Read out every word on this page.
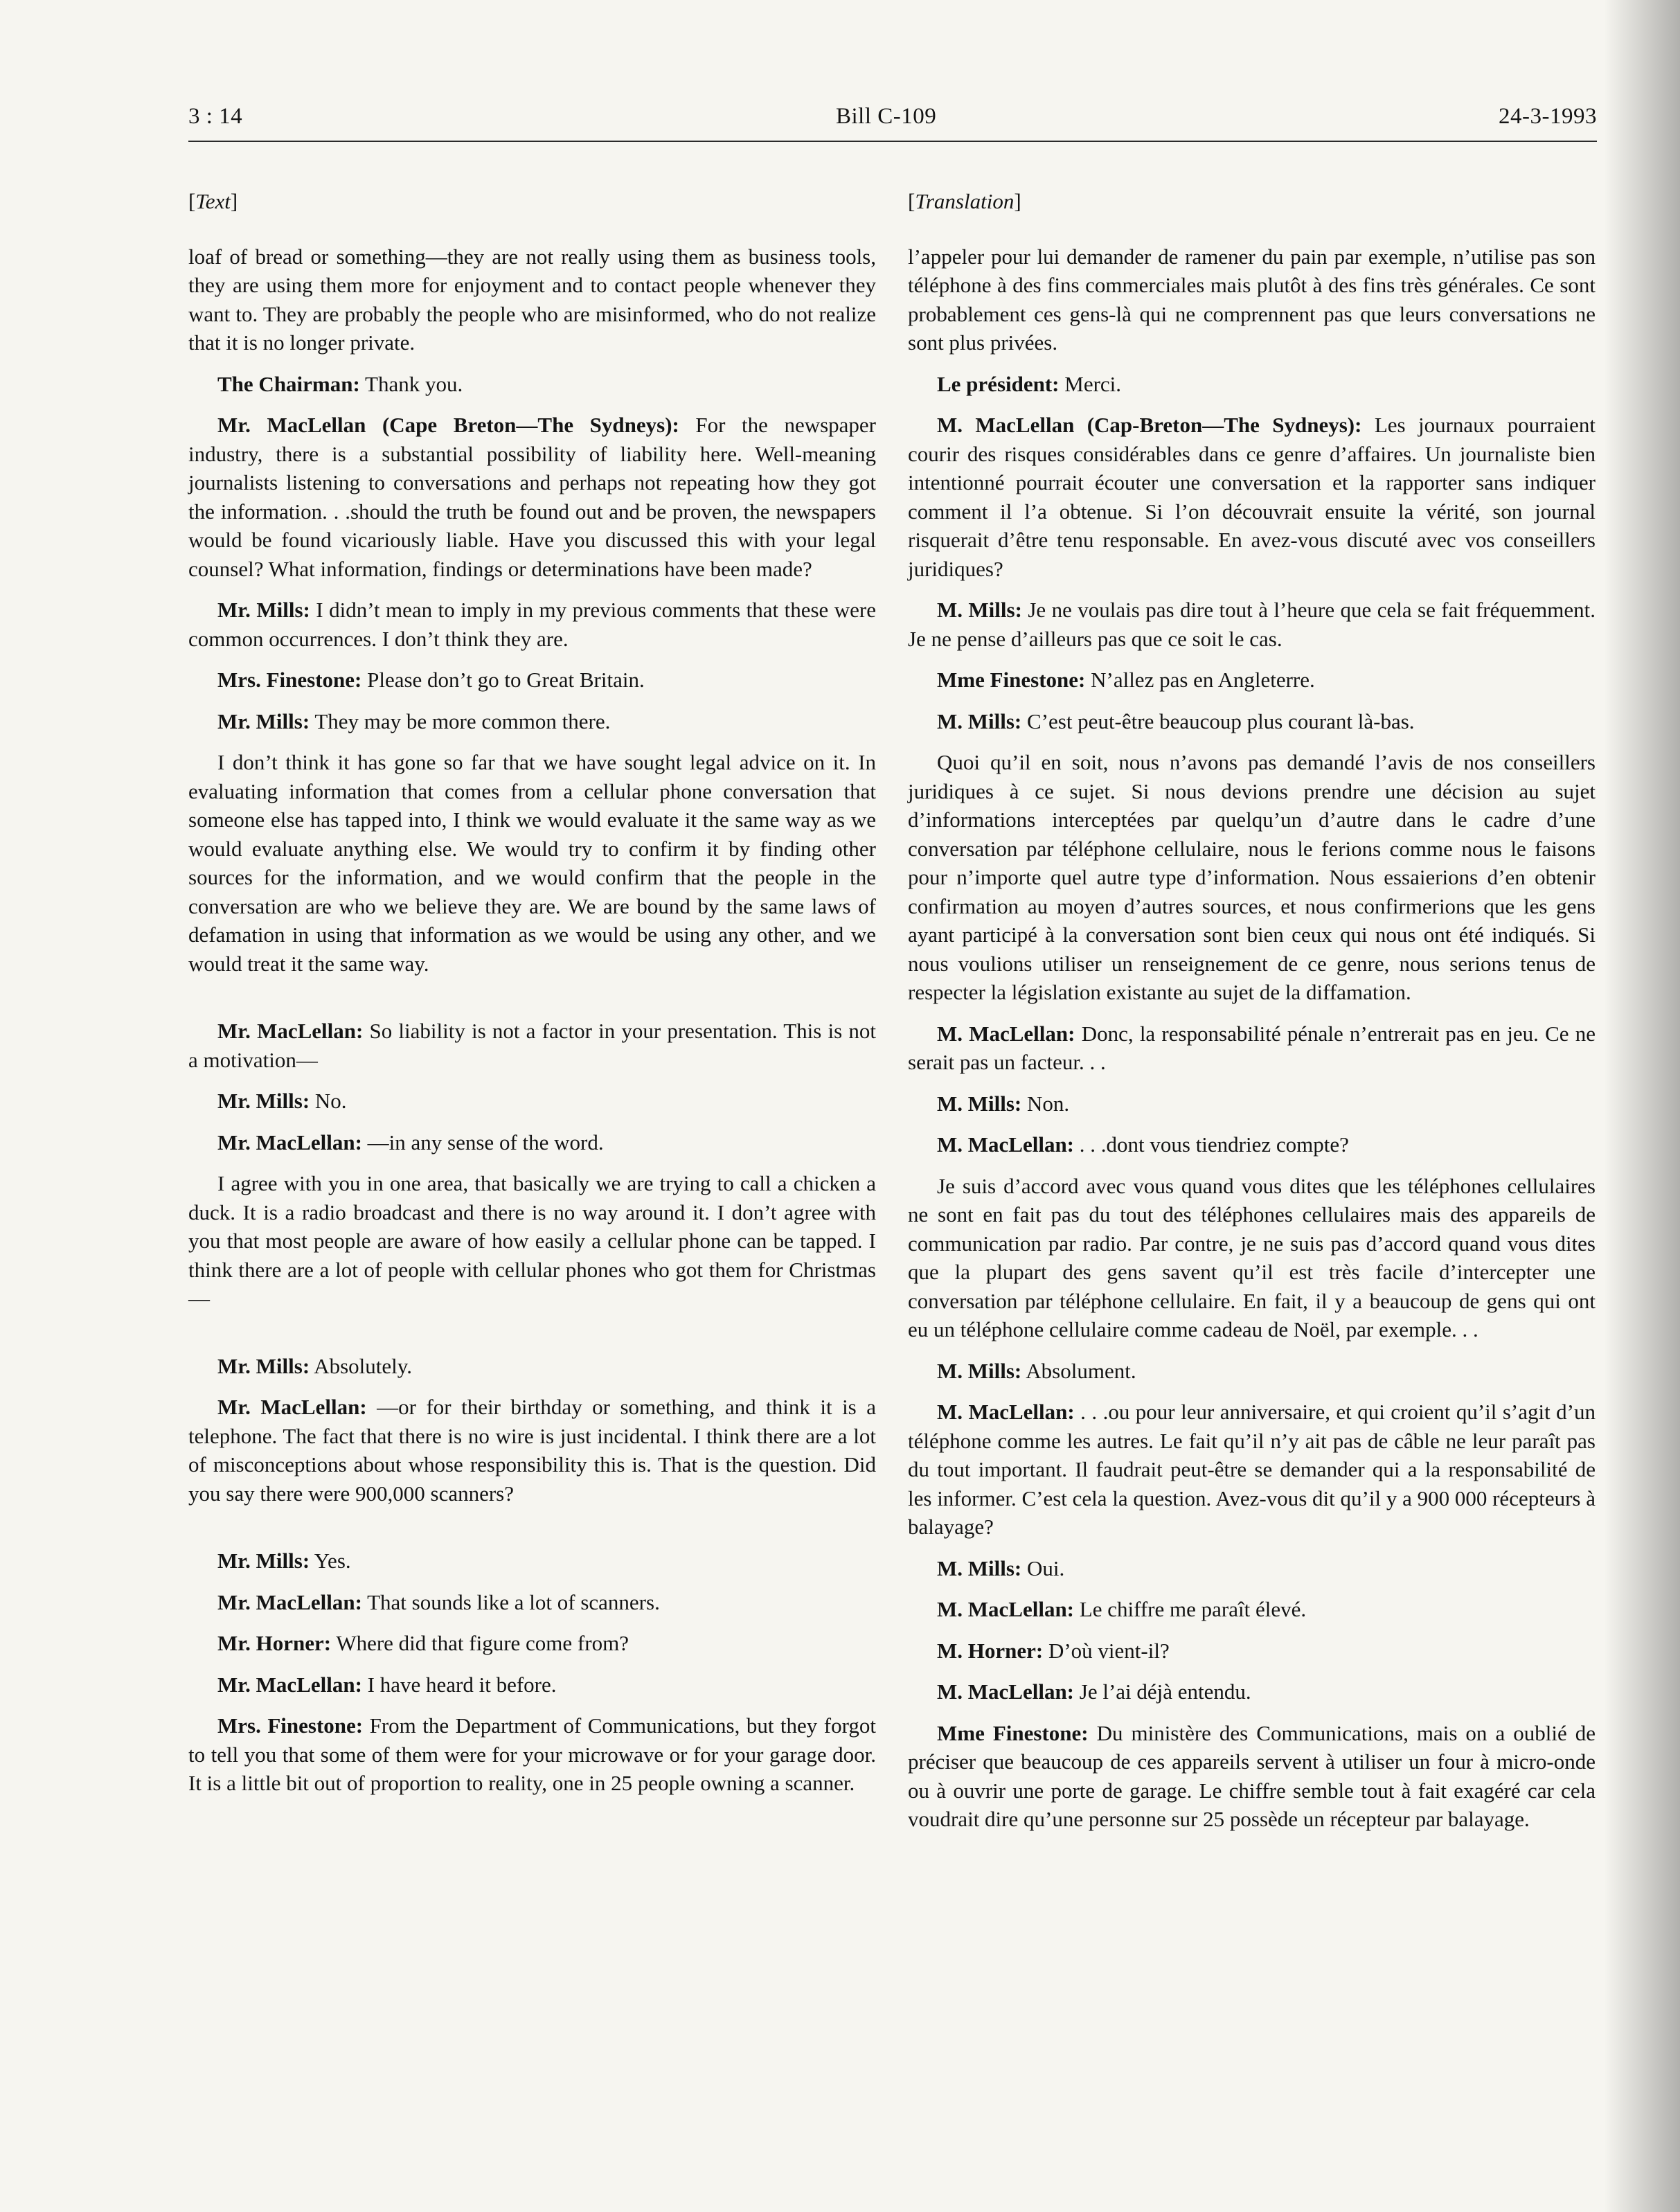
3 : 14	Bill C-109	24-3-1993
[Text]

loaf of bread or something—they are not really using them as business tools, they are using them more for enjoyment and to contact people whenever they want to. They are probably the people who are misinformed, who do not realize that it is no longer private.

The Chairman: Thank you.

Mr. MacLellan (Cape Breton—The Sydneys): For the newspaper industry, there is a substantial possibility of liability here. Well-meaning journalists listening to conversations and perhaps not repeating how they got the information. . .should the truth be found out and be proven, the newspapers would be found vicariously liable. Have you discussed this with your legal counsel? What information, findings or determinations have been made?

Mr. Mills: I didn’t mean to imply in my previous comments that these were common occurrences. I don’t think they are.

Mrs. Finestone: Please don’t go to Great Britain.

Mr. Mills: They may be more common there.

I don’t think it has gone so far that we have sought legal advice on it. In evaluating information that comes from a cellular phone conversation that someone else has tapped into, I think we would evaluate it the same way as we would evaluate anything else. We would try to confirm it by finding other sources for the information, and we would confirm that the people in the conversation are who we believe they are. We are bound by the same laws of defamation in using that information as we would be using any other, and we would treat it the same way.

Mr. MacLellan: So liability is not a factor in your presentation. This is not a motivation—

Mr. Mills: No.

Mr. MacLellan: —in any sense of the word.

I agree with you in one area, that basically we are trying to call a chicken a duck. It is a radio broadcast and there is no way around it. I don’t agree with you that most people are aware of how easily a cellular phone can be tapped. I think there are a lot of people with cellular phones who got them for Christmas—

Mr. Mills: Absolutely.

Mr. MacLellan: —or for their birthday or something, and think it is a telephone. The fact that there is no wire is just incidental. I think there are a lot of misconceptions about whose responsibility this is. That is the question. Did you say there were 900,000 scanners?

Mr. Mills: Yes.

Mr. MacLellan: That sounds like a lot of scanners.

Mr. Horner: Where did that figure come from?

Mr. MacLellan: I have heard it before.

Mrs. Finestone: From the Department of Communications, but they forgot to tell you that some of them were for your microwave or for your garage door. It is a little bit out of proportion to reality, one in 25 people owning a scanner.

[Translation]

l’appeler pour lui demander de ramener du pain par exemple, n’utilise pas son téléphone à des fins commerciales mais plutôt à des fins très générales. Ce sont probablement ces gens-là qui ne comprennent pas que leurs conversations ne sont plus privées.

Le président: Merci.

M. MacLellan (Cap-Breton—The Sydneys): Les journaux pourraient courir des risques considérables dans ce genre d’affaires. Un journaliste bien intentionné pourrait écouter une conversation et la rapporter sans indiquer comment il l’a obtenue. Si l’on découvrait ensuite la vérité, son journal risquerait d’être tenu responsable. En avez-vous discuté avec vos conseillers juridiques?

M. Mills: Je ne voulais pas dire tout à l’heure que cela se fait fréquemment. Je ne pense d’ailleurs pas que ce soit le cas.

Mme Finestone: N’allez pas en Angleterre.

M. Mills: C’est peut-être beaucoup plus courant là-bas.

Quoi qu’il en soit, nous n’avons pas demandé l’avis de nos conseillers juridiques à ce sujet. Si nous devions prendre une décision au sujet d’informations interceptées par quelqu’un d’autre dans le cadre d’une conversation par téléphone cellulaire, nous le ferions comme nous le faisons pour n’importe quel autre type d’information. Nous essaierions d’en obtenir confirmation au moyen d’autres sources, et nous confirmerions que les gens ayant participé à la conversation sont bien ceux qui nous ont été indiqués. Si nous voulions utiliser un renseignement de ce genre, nous serions tenus de respecter la législation existante au sujet de la diffamation.

M. MacLellan: Donc, la responsabilité pénale n’entrerait pas en jeu. Ce ne serait pas un facteur. . .

M. Mills: Non.

M. MacLellan: . . .dont vous tiendriez compte?

Je suis d’accord avec vous quand vous dites que les téléphones cellulaires ne sont en fait pas du tout des téléphones cellulaires mais des appareils de communication par radio. Par contre, je ne suis pas d’accord quand vous dites que la plupart des gens savent qu’il est très facile d’intercepter une conversation par téléphone cellulaire. En fait, il y a beaucoup de gens qui ont eu un téléphone cellulaire comme cadeau de Noël, par exemple. . .

M. Mills: Absolument.

M. MacLellan: . . .ou pour leur anniversaire, et qui croient qu’il s’agit d’un téléphone comme les autres. Le fait qu’il n’y ait pas de câble ne leur paraît pas du tout important. Il faudrait peut-être se demander qui a la responsabilité de les informer. C’est cela la question. Avez-vous dit qu’il y a 900 000 récepteurs à balayage?

M. Mills: Oui.

M. MacLellan: Le chiffre me paraît élevé.

M. Horner: D’où vient-il?

M. MacLellan: Je l’ai déjà entendu.

Mme Finestone: Du ministère des Communications, mais on a oublié de préciser que beaucoup de ces appareils servent à utiliser un four à micro-onde ou à ouvrir une porte de garage. Le chiffre semble tout à fait exagéré car cela voudrait dire qu’une personne sur 25 possède un récepteur par balayage.
